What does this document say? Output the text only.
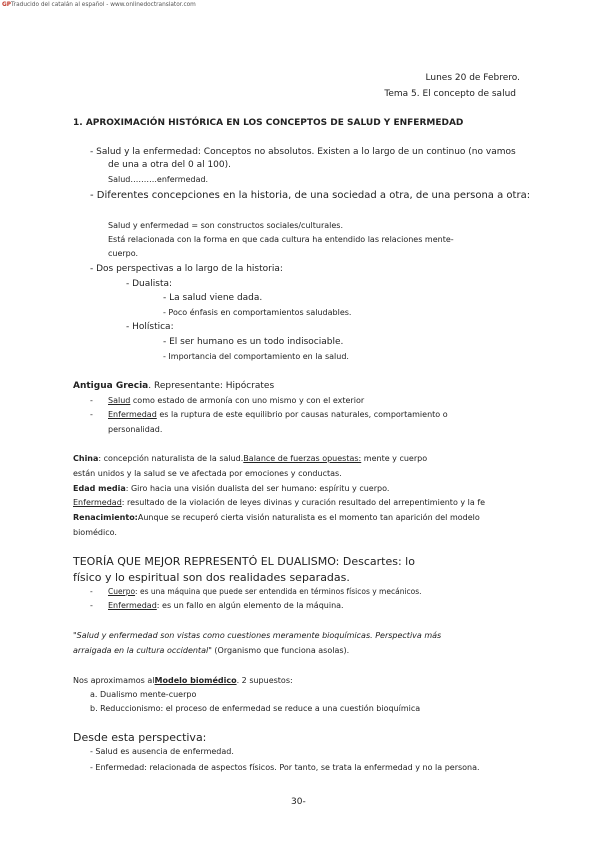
GPTraducido del catalán al español - www.onlinedoctranslator.com
Lunes 20 de Febrero.
Tema 5. El concepto de salud
1. APROXIMACIÓN HISTÓRICA EN LOS CONCEPTOS DE SALUD Y ENFERMEDAD
- Salud y la enfermedad: Conceptos no absolutos. Existen a lo largo de un continuo (no vamos
de una a otra del 0 al 100).
Salud……….enfermedad.
- Diferentes concepciones en la historia, de una sociedad a otra, de una persona a otra:
Salud y enfermedad = son constructos sociales/culturales.
Está relacionada con la forma en que cada cultura ha entendido las relaciones mente-
cuerpo.
- Dos perspectivas a lo largo de la historia:
- Dualista:
- La salud viene dada.
- Poco énfasis en comportamientos saludables.
- Holística:
- El ser humano es un todo indisociable.
- Importancia del comportamiento en la salud.
Antigua Grecia. Representante: Hipócrates
- Salud como estado de armonía con uno mismo y con el exterior
- Enfermedad es la ruptura de este equilibrio por causas naturales, comportamiento o
personalidad.
China: concepción naturalista de la salud.Balance de fuerzas opuestas: mente y cuerpo
están unidos y la salud se ve afectada por emociones y conductas.
Edad media: Giro hacia una visión dualista del ser humano: espíritu y cuerpo.
Enfermedad: resultado de la violación de leyes divinas y curación resultado del arrepentimiento y la fe
Renacimiento:Aunque se recuperó cierta visión naturalista es el momento tan aparición del modelo
biomédico.
TEORÍA QUE MEJOR REPRESENTÓ EL DUALISMO: Descartes: lo
físico y lo espiritual son dos realidades separadas.
- Cuerpo: es una máquina que puede ser entendida en términos físicos y mecánicos.
- Enfermedad: es un fallo en algún elemento de la máquina.
"Salud y enfermedad son vistas como cuestiones meramente bioquímicas. Perspectiva más
arraigada en la cultura occidental" (Organismo que funciona asolas).
Nos aproximamos alModelo biomédico. 2 supuestos:
a. Dualismo mente-cuerpo
b. Reduccionismo: el proceso de enfermedad se reduce a una cuestión bioquímica
Desde esta perspectiva:
- Salud es ausencia de enfermedad.
- Enfermedad: relacionada de aspectos físicos. Por tanto, se trata la enfermedad y no la persona.
30-
